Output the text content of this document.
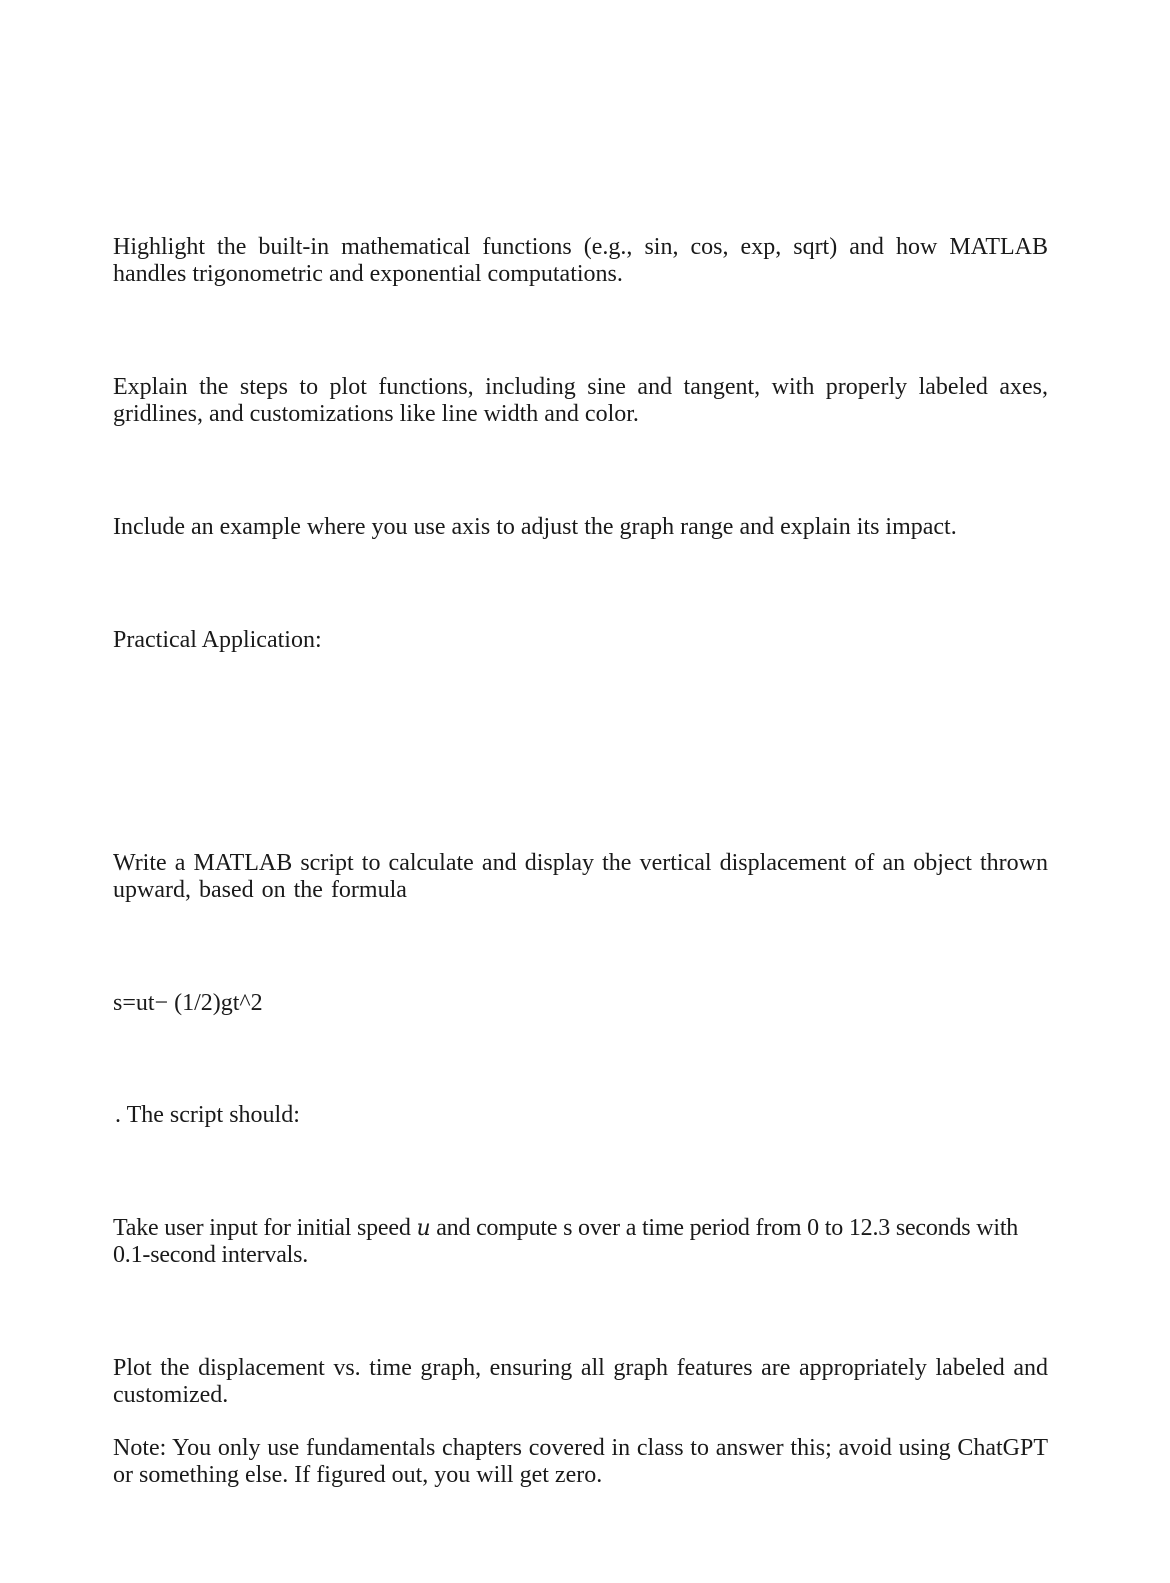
Highlight the built-in mathematical functions (e.g., sin, cos, exp, sqrt) and how MATLAB handles trigonometric and exponential computations.

Explain the steps to plot functions, including sine and tangent, with properly labeled axes, gridlines, and customizations like line width and color.

Include an example where you use axis to adjust the graph range and explain its impact.

Practical Application:

Write a MATLAB script to calculate and display the vertical displacement of an object thrown upward, based on the formula

s=ut− (1/2)gt^2

. The script should:

Take user input for initial speed u and compute s over a time period from 0 to 12.3 seconds with 0.1-second intervals.

Plot the displacement vs. time graph, ensuring all graph features are appropriately labeled and customized.

Note: You only use fundamentals chapters covered in class to answer this; avoid using ChatGPT or something else. If figured out, you will get zero.
